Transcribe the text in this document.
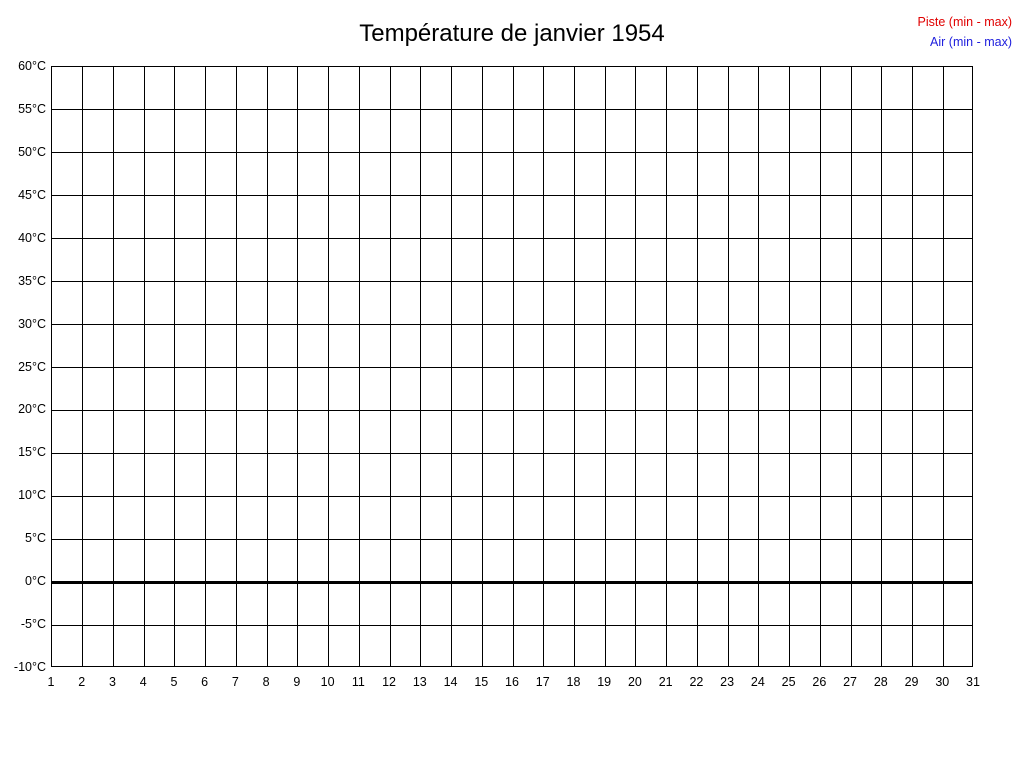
Température de janvier 1954	Piste (min - max)
Air (min - max)
60°C
55°C
50°C
45°C
40°C
35°C
30°C
25°C
20°C
15°C
10°C
5°C
0°C
-5°C
-10°C
1 2 3 4 5 6 7 8 9 10 11 12 13 14 15 16 17 18 19 20 21 22 23 24 25 26 27 28 29 30 31
